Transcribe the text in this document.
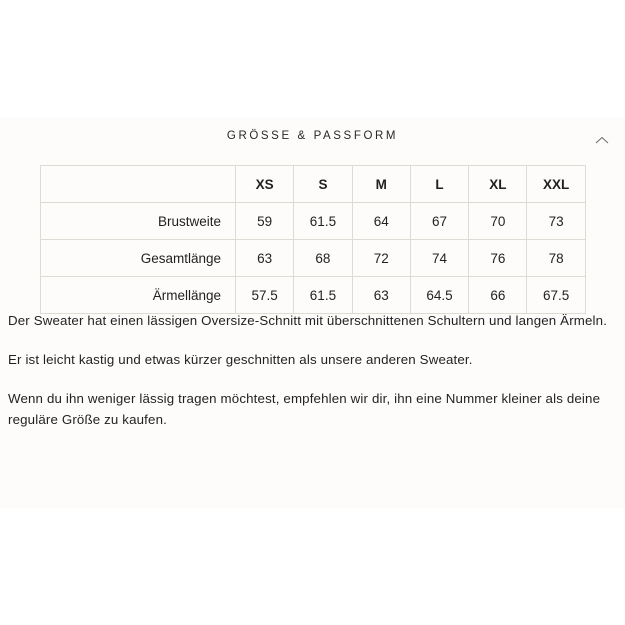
GRÖSSE & PASSFORM
	XS	S	M	L	XL	XXL
Brustweite	59	61.5	64	67	70	73
Gesamtlänge	63	68	72	74	76	78
Ärmellänge	57.5	61.5	63	64.5	66	67.5

Der Sweater hat einen lässigen Oversize-Schnitt mit überschnittenen Schultern und langen Ärmeln.

Er ist leicht kastig und etwas kürzer geschnitten als unsere anderen Sweater.

Wenn du ihn weniger lässig tragen möchtest, empfehlen wir dir, ihn eine Nummer kleiner als deine reguläre Größe zu kaufen.
